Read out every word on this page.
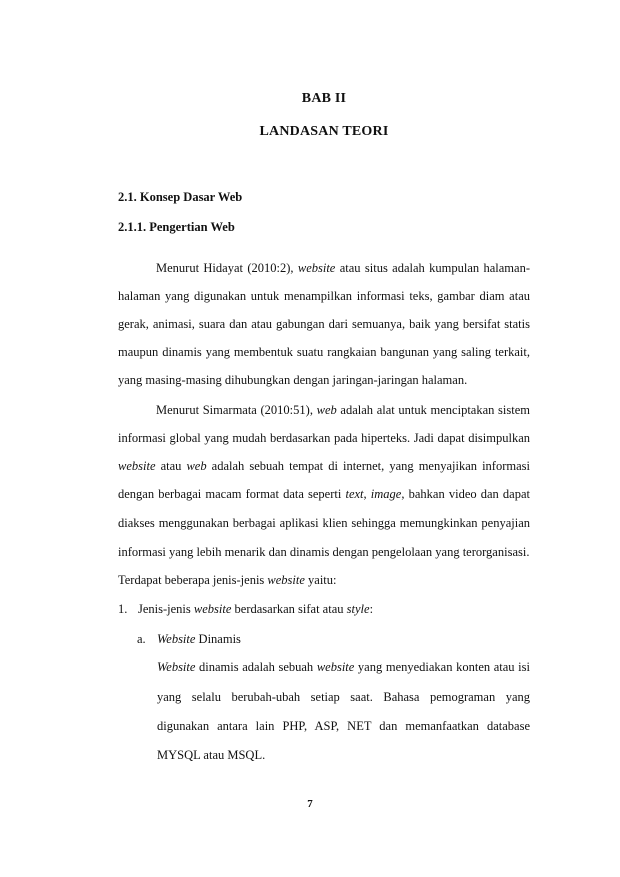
BAB II
LANDASAN TEORI
2.1. Konsep Dasar Web
2.1.1. Pengertian Web
Menurut Hidayat (2010:2), website atau situs adalah kumpulan halaman-
halaman yang digunakan untuk menampilkan informasi teks, gambar diam atau
gerak, animasi, suara dan atau gabungan dari semuanya, baik yang bersifat statis
maupun dinamis yang membentuk suatu rangkaian bangunan yang saling terkait,
yang masing-masing dihubungkan dengan jaringan-jaringan halaman.
Menurut Simarmata (2010:51), web adalah alat untuk menciptakan sistem
informasi global yang mudah berdasarkan pada hiperteks. Jadi dapat disimpulkan
website atau web adalah sebuah tempat di internet, yang menyajikan informasi
dengan berbagai macam format data seperti text, image, bahkan video dan dapat
diakses menggunakan berbagai aplikasi klien sehingga memungkinkan penyajian
informasi yang lebih menarik dan dinamis dengan pengelolaan yang terorganisasi.
Terdapat beberapa jenis-jenis website yaitu:
1. Jenis-jenis website berdasarkan sifat atau style:
a. Website Dinamis
Website dinamis adalah sebuah website yang menyediakan konten atau isi
yang selalu berubah-ubah setiap saat. Bahasa pemograman yang
digunakan antara lain PHP, ASP, NET dan memanfaatkan database
MYSQL atau MSQL.
7
